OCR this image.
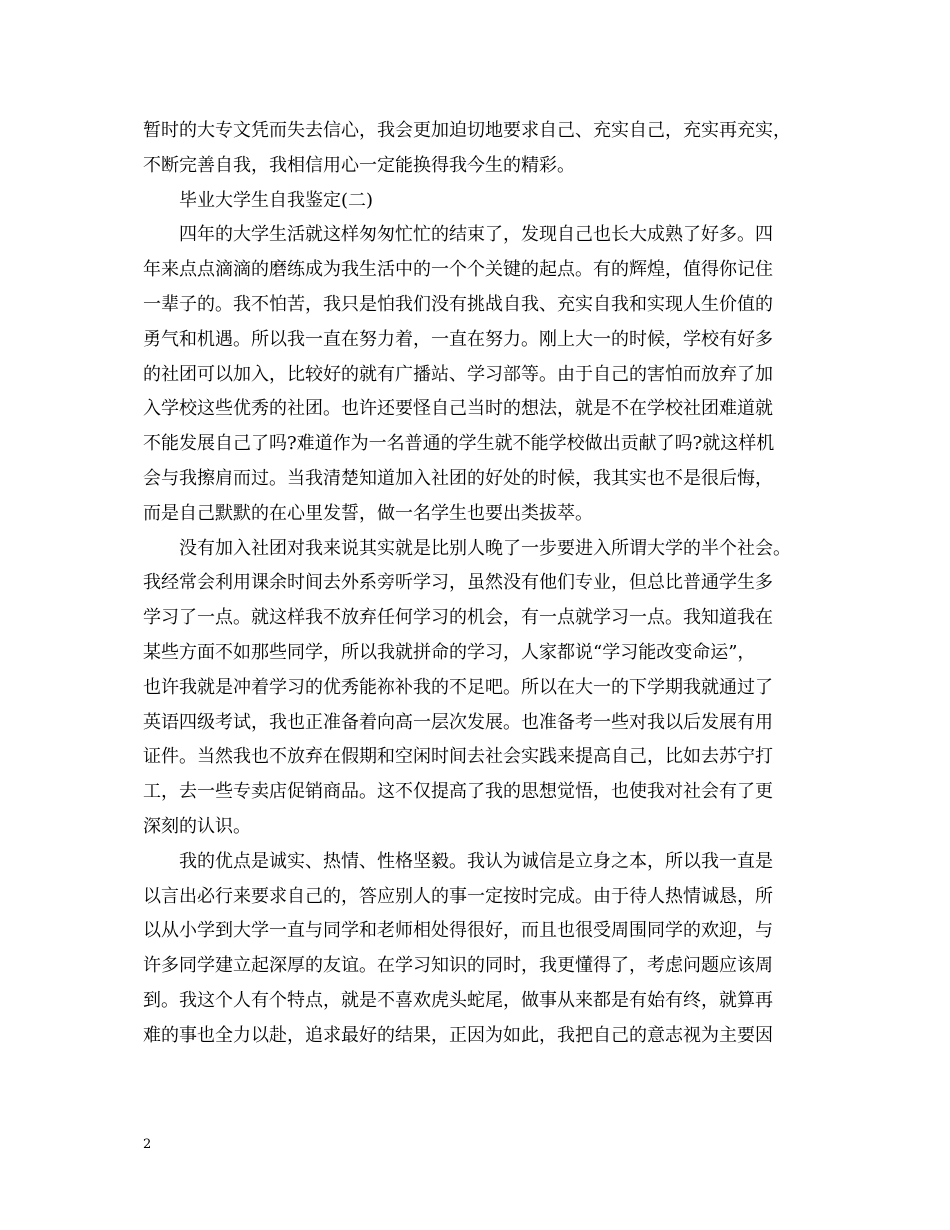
暂时的大专文凭而失去信心，我会更加迫切地要求自己、充实自己，充实再充实，
不断完善自我，我相信用心一定能换得我今生的精彩。
毕业大学生自我鉴定(二)
四年的大学生活就这样匆匆忙忙的结束了，发现自己也长大成熟了好多。四
年来点点滴滴的磨练成为我生活中的一个个关键的起点。有的辉煌，值得你记住
一辈子的。我不怕苦，我只是怕我们没有挑战自我、充实自我和实现人生价值的
勇气和机遇。所以我一直在努力着，一直在努力。刚上大一的时候，学校有好多
的社团可以加入，比较好的就有广播站、学习部等。由于自己的害怕而放弃了加
入学校这些优秀的社团。也许还要怪自己当时的想法，就是不在学校社团难道就
不能发展自己了吗?难道作为一名普通的学生就不能学校做出贡献了吗?就这样机
会与我擦肩而过。当我清楚知道加入社团的好处的时候，我其实也不是很后悔，
而是自己默默的在心里发誓，做一名学生也要出类拔萃。
没有加入社团对我来说其实就是比别人晚了一步要进入所谓大学的半个社会。
我经常会利用课余时间去外系旁听学习，虽然没有他们专业，但总比普通学生多
学习了一点。就这样我不放弃任何学习的机会，有一点就学习一点。我知道我在
某些方面不如那些同学，所以我就拼命的学习，人家都说“学习能改变命运”，
也许我就是冲着学习的优秀能祢补我的不足吧。所以在大一的下学期我就通过了
英语四级考试，我也正准备着向高一层次发展。也准备考一些对我以后发展有用
证件。当然我也不放弃在假期和空闲时间去社会实践来提高自己，比如去苏宁打
工，去一些专卖店促销商品。这不仅提高了我的思想觉悟，也使我对社会有了更
深刻的认识。
我的优点是诚实、热情、性格坚毅。我认为诚信是立身之本，所以我一直是
以言出必行来要求自己的，答应别人的事一定按时完成。由于待人热情诚恳，所
以从小学到大学一直与同学和老师相处得很好，而且也很受周围同学的欢迎，与
许多同学建立起深厚的友谊。在学习知识的同时，我更懂得了，考虑问题应该周
到。我这个人有个特点，就是不喜欢虎头蛇尾，做事从来都是有始有终，就算再
难的事也全力以赴，追求最好的结果，正因为如此，我把自己的意志视为主要因
2
